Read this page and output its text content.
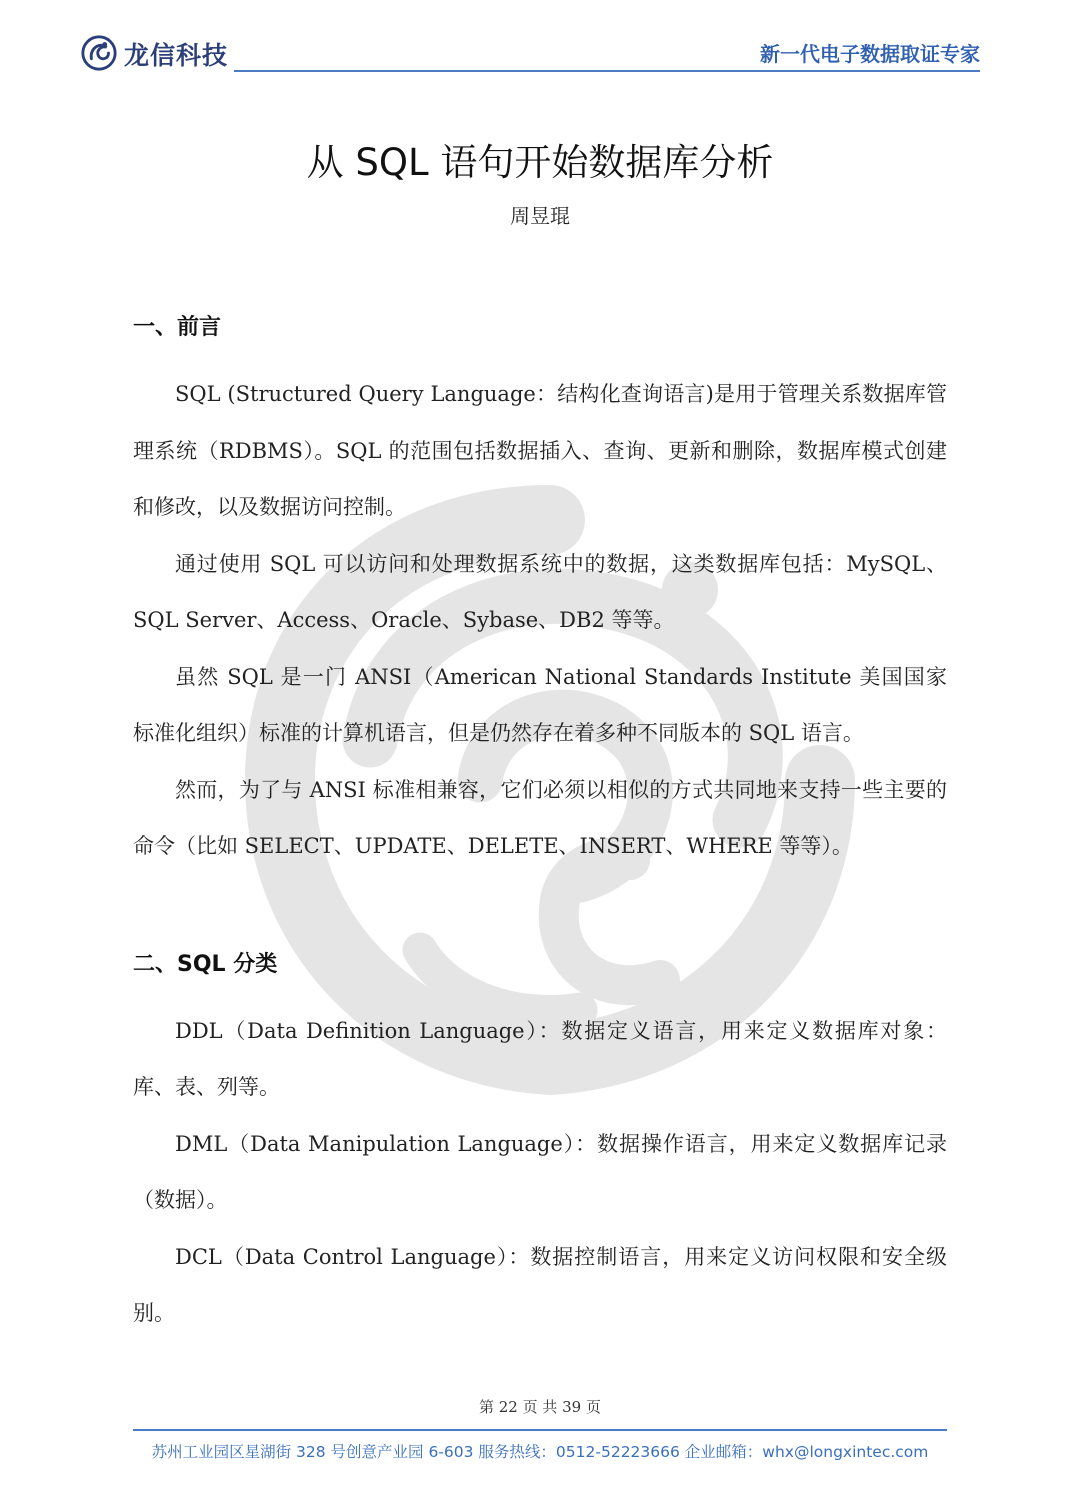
龙信科技	新一代电子数据取证专家
从 SQL 语句开始数据库分析
周昱琨
一、前言

SQL (Structured Query Language：结构化查询语言)是用于管理关系数据库管理系统（RDBMS）。SQL 的范围包括数据插入、查询、更新和删除，数据库模式创建和修改，以及数据访问控制。

通过使用 SQL 可以访问和处理数据系统中的数据，这类数据库包括：MySQL、SQL Server、Access、Oracle、Sybase、DB2 等等。

虽然 SQL 是一门 ANSI（American National Standards Institute 美国国家标准化组织）标准的计算机语言，但是仍然存在着多种不同版本的 SQL 语言。

然而，为了与 ANSI 标准相兼容，它们必须以相似的方式共同地来支持一些主要的命令（比如 SELECT、UPDATE、DELETE、INSERT、WHERE 等等）。

二、SQL 分类

DDL（Data Definition Language）：数据定义语言，用来定义数据库对象：库、表、列等。

DML（Data Manipulation Language）：数据操作语言，用来定义数据库记录（数据）。

DCL（Data Control Language）：数据控制语言，用来定义访问权限和安全级别。

第 22 页 共 39 页
苏州工业园区星湖街 328 号创意产业园 6-603 服务热线：0512-52223666 企业邮箱：whx@longxintec.com
